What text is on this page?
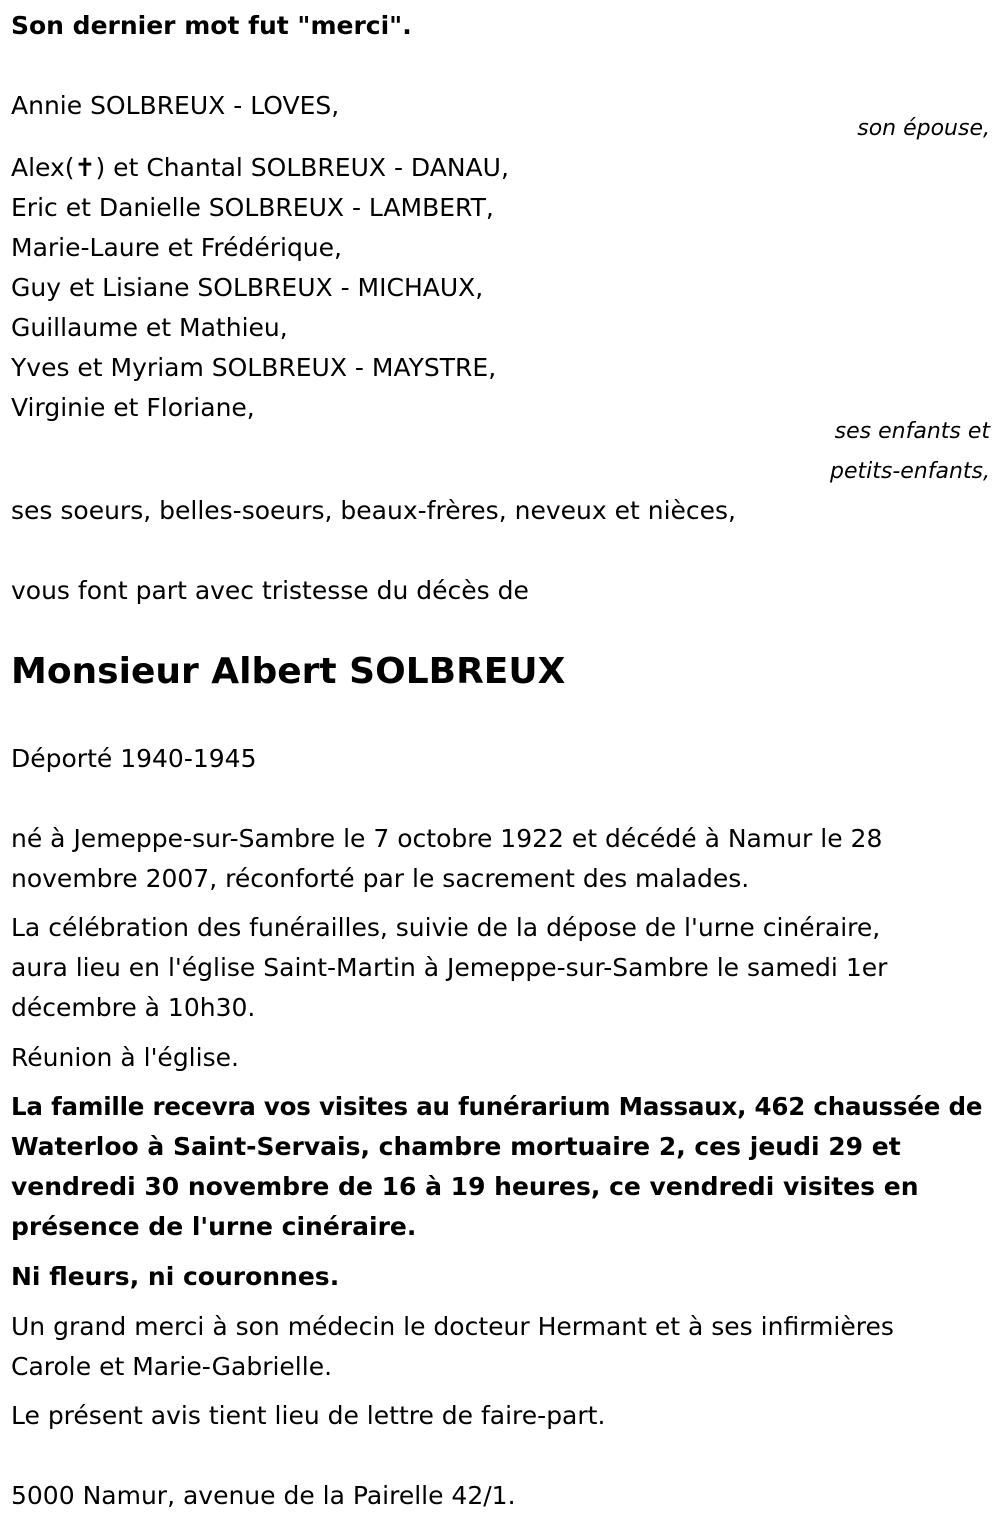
Son dernier mot fut "merci".
Annie SOLBREUX - LOVES,
son épouse,
Alex(✝) et Chantal SOLBREUX - DANAU,
Eric et Danielle SOLBREUX - LAMBERT,
Marie-Laure et Frédérique,
Guy et Lisiane SOLBREUX - MICHAUX,
Guillaume et Mathieu,
Yves et Myriam SOLBREUX - MAYSTRE,
Virginie et Floriane,
ses enfants et
petits-enfants,
ses soeurs, belles-soeurs, beaux-frères, neveux et nièces,
vous font part avec tristesse du décès de
Monsieur Albert SOLBREUX
Déporté 1940-1945
né à Jemeppe-sur-Sambre le 7 octobre 1922 et décédé à Namur le 28
novembre 2007, réconforté par le sacrement des malades.
La célébration des funérailles, suivie de la dépose de l'urne cinéraire,
aura lieu en l'église Saint-Martin à Jemeppe-sur-Sambre le samedi 1er
décembre à 10h30.
Réunion à l'église.
La famille recevra vos visites au funérarium Massaux, 462 chaussée de
Waterloo à Saint-Servais, chambre mortuaire 2, ces jeudi 29 et
vendredi 30 novembre de 16 à 19 heures, ce vendredi visites en
présence de l'urne cinéraire.
Ni fleurs, ni couronnes.
Un grand merci à son médecin le docteur Hermant et à ses infirmières
Carole et Marie-Gabrielle.
Le présent avis tient lieu de lettre de faire-part.
5000 Namur, avenue de la Pairelle 42/1.
